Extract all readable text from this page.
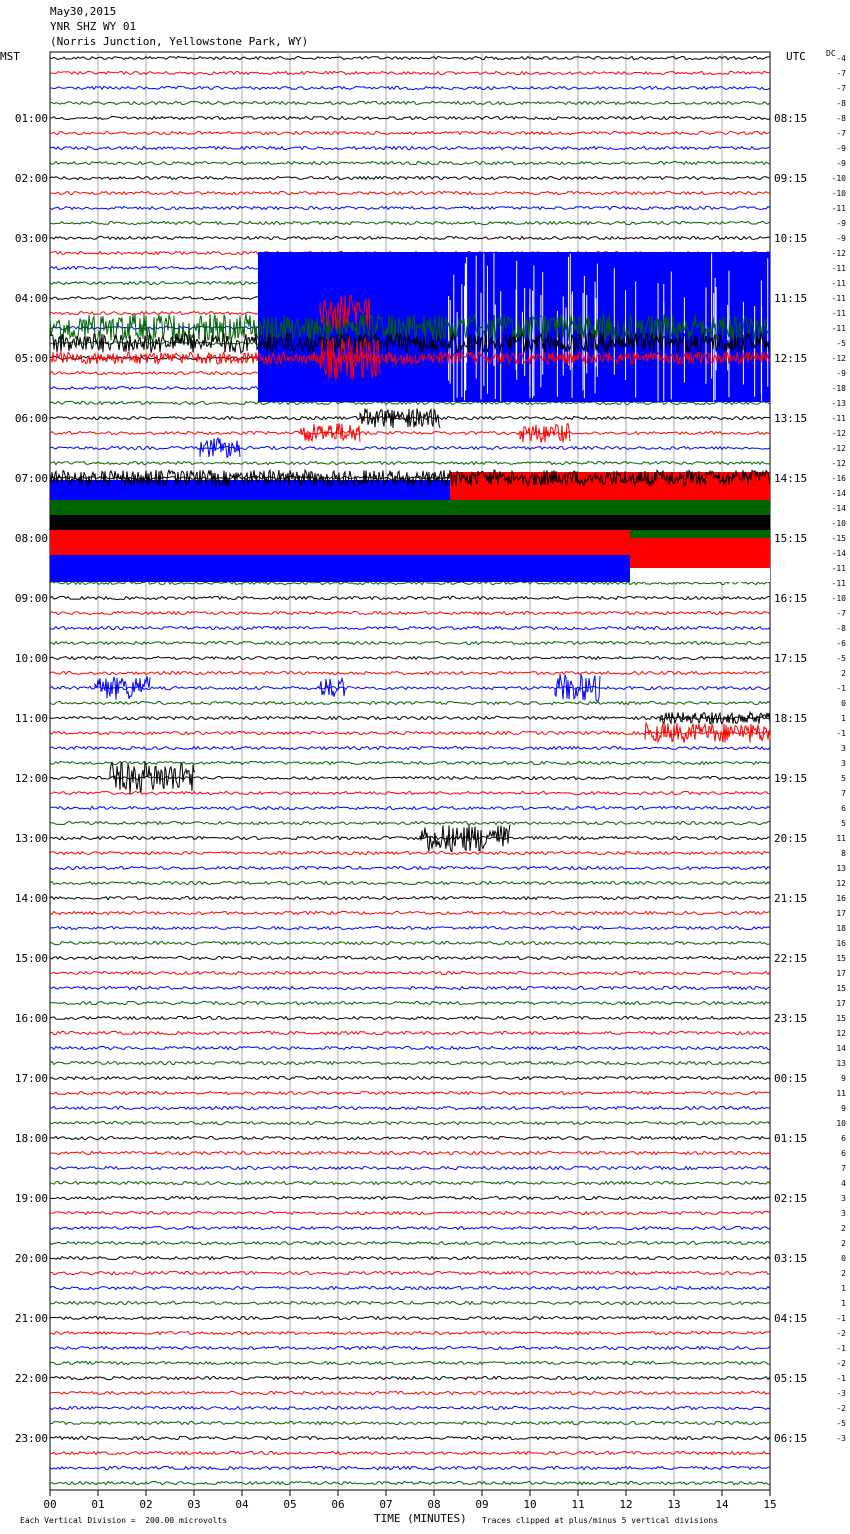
May30,2015
YNR SHZ WY 01
(Norris Junction, Yellowstone Park, WY)
MST	UTC	DC
00	01	02	03	04	05	06	07	08	09	10	11	12	13	14	15
01:00
02:00
03:00
04:00
05:00
06:00
07:00
08:00
09:00
10:00
11:00
12:00
13:00
14:00
15:00
16:00
17:00
18:00
19:00
20:00
21:00
22:00
23:00
08:15
09:15
10:15
11:15
12:15
13:15
14:15
15:15
16:15
17:15
18:15
19:15
20:15
21:15
22:15
23:15
00:15
01:15
02:15
03:15
04:15
05:15
06:15
-4
-7
-7
-8
-8
-7
-9
-9
-10
-10
-11
-9
-9
-12
-11
-11
-11
-11
-11
-5
-12
-9
-18
-13
-11
-12
-12
-12
-16
-14
-14
-10
-15
-14
-11
-11
-10
-7
-8
-6
-5
2
-1
0
1
-1
3
3
5
7
6
5
11
8
13
12
16
17
18
16
15
17
15
17
15
12
14
13
9
11
9
10
6
6
7
4
3
3
2
2
0
2
1
1
-1
-2
-1
-2
-1
-3
-2
-5
-3
TIME (MINUTES)
Each Vertical Division =  200.00 microvolts	Traces clipped at plus/minus 5 vertical divisions
